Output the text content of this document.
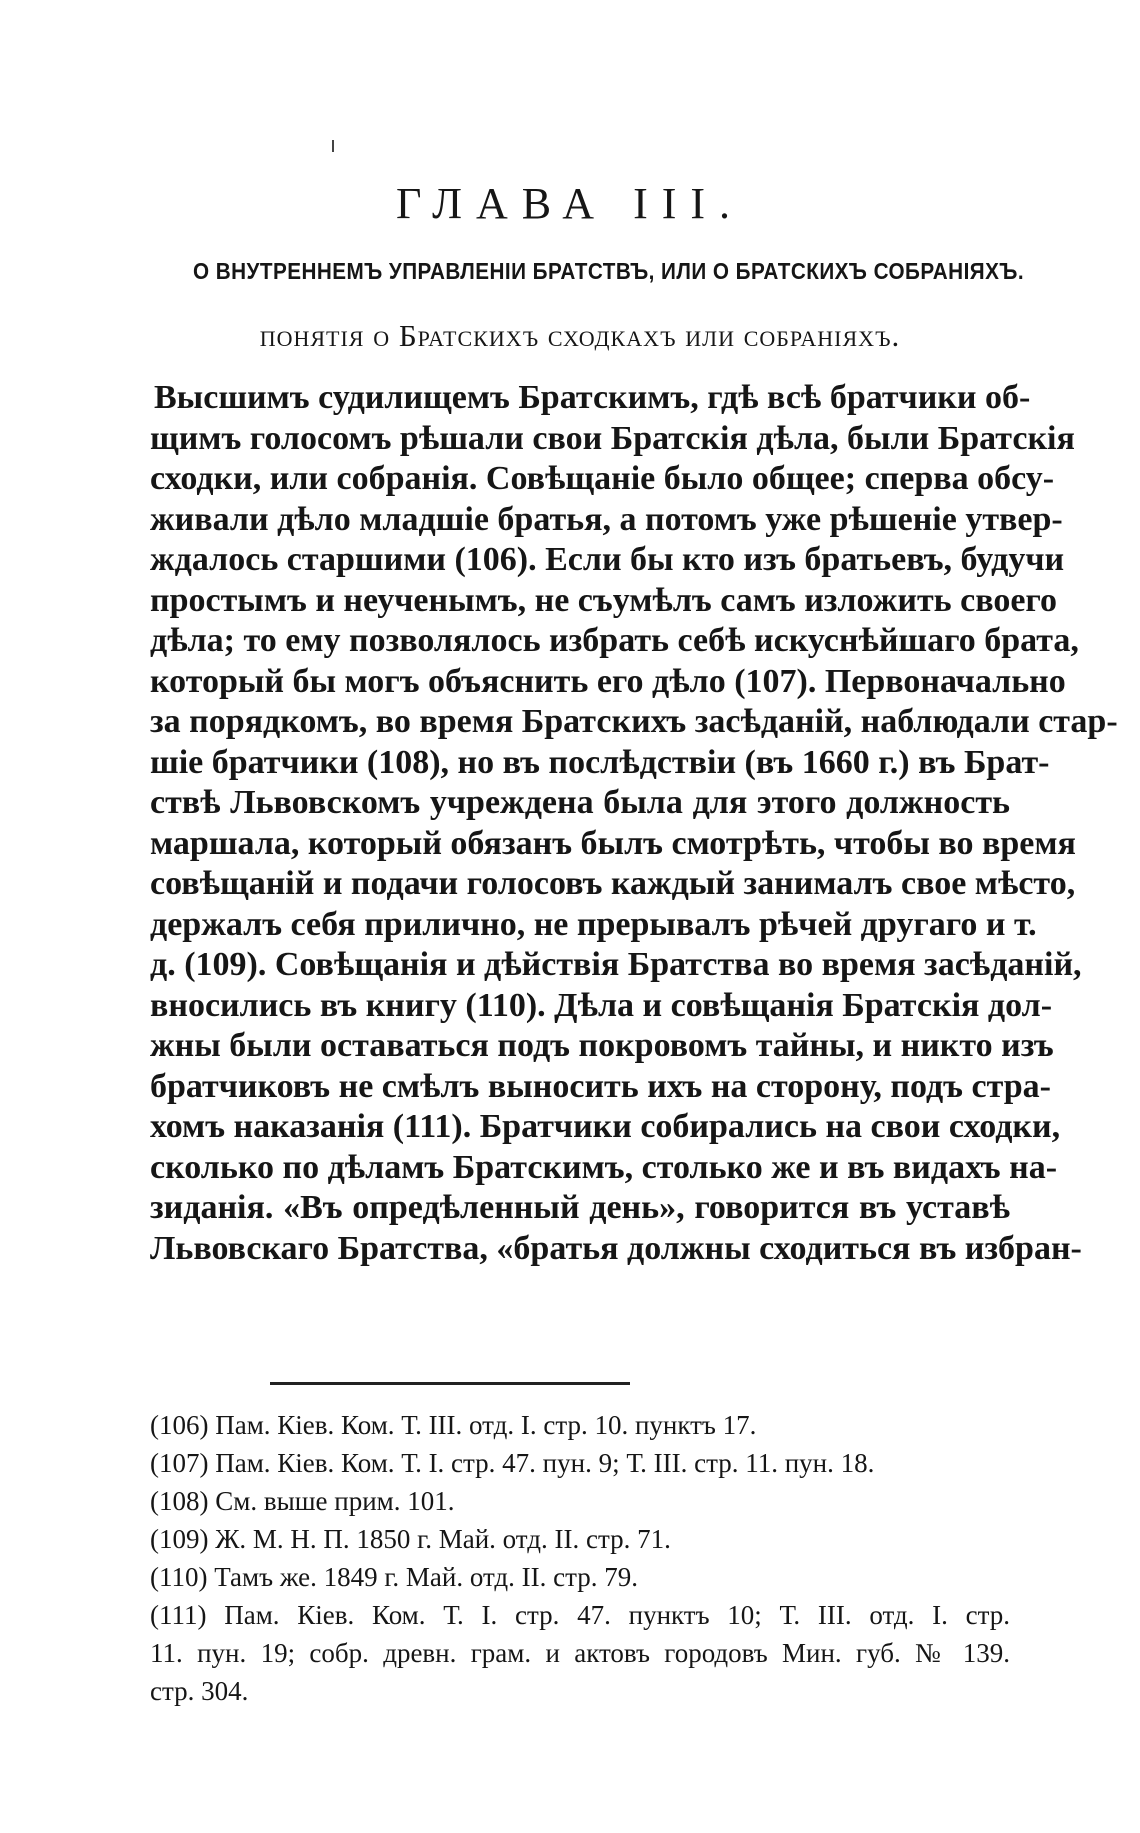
ГЛАВА III.
О ВНУТРЕННЕМЪ УПРАВЛЕНІИ БРАТСТВЪ, ИЛИ О БРАТСКИХЪ СОБРАНІЯХЪ.
понятія о Братскихъ сходкахъ или собраніяхъ.
Высшимъ судилищемъ Братскимъ, гдѣ всѣ братчики об-
щимъ голосомъ рѣшали свои Братскія дѣла, были Братскія
сходки, или собранія. Совѣщаніе было общее; сперва обсу-
живали дѣло младшіе братья, а потомъ уже рѣшеніе утвер-
ждалось старшими (106). Если бы кто изъ братьевъ, будучи
простымъ и неученымъ, не съумѣлъ самъ изложить своего
дѣла; то ему позволялось избрать себѣ искуснѣйшаго брата,
который бы могъ объяснить его дѣло (107). Первоначально
за порядкомъ, во время Братскихъ засѣданій, наблюдали стар-
шіе братчики (108), но въ послѣдствіи (въ 1660 г.) въ Брат-
ствѣ Львовскомъ учреждена была для этого должность
маршала, который обязанъ былъ смотрѣть, чтобы во время
совѣщаній и подачи голосовъ каждый занималъ свое мѣсто,
держалъ себя прилично, не прерывалъ рѣчей другаго и т.
д. (109). Совѣщанія и дѣйствія Братства во время засѣданій,
вносились въ книгу (110). Дѣла и совѣщанія Братскія дол-
жны были оставаться подъ покровомъ тайны, и никто изъ
братчиковъ не смѣлъ выносить ихъ на сторону, подъ стра-
хомъ наказанія (111). Братчики собирались на свои сходки,
сколько по дѣламъ Братскимъ, столько же и въ видахъ на-
зиданія. «Въ опредѣленный день», говорится въ уставѣ
Львовскаго Братства, «братья должны сходиться въ избран-
(106) Пам. Кіев. Ком. Т. III. отд. I. стр. 10. пунктъ 17.
(107) Пам. Кіев. Ком. Т. I. стр. 47. пун. 9; Т. III. стр. 11. пун. 18.
(108) См. выше прим. 101.
(109) Ж. М. Н. П. 1850 г. Май. отд. II. стр. 71.
(110) Тамъ же. 1849 г. Май. отд. II. стр. 79.
(111) Пам. Кіев. Ком. Т. I. стр. 47. пунктъ 10; Т. III. отд. I. стр.
11. пун. 19; собр. древн. грам. и актовъ городовъ Мин. губ. № 139.
стр. 304.
